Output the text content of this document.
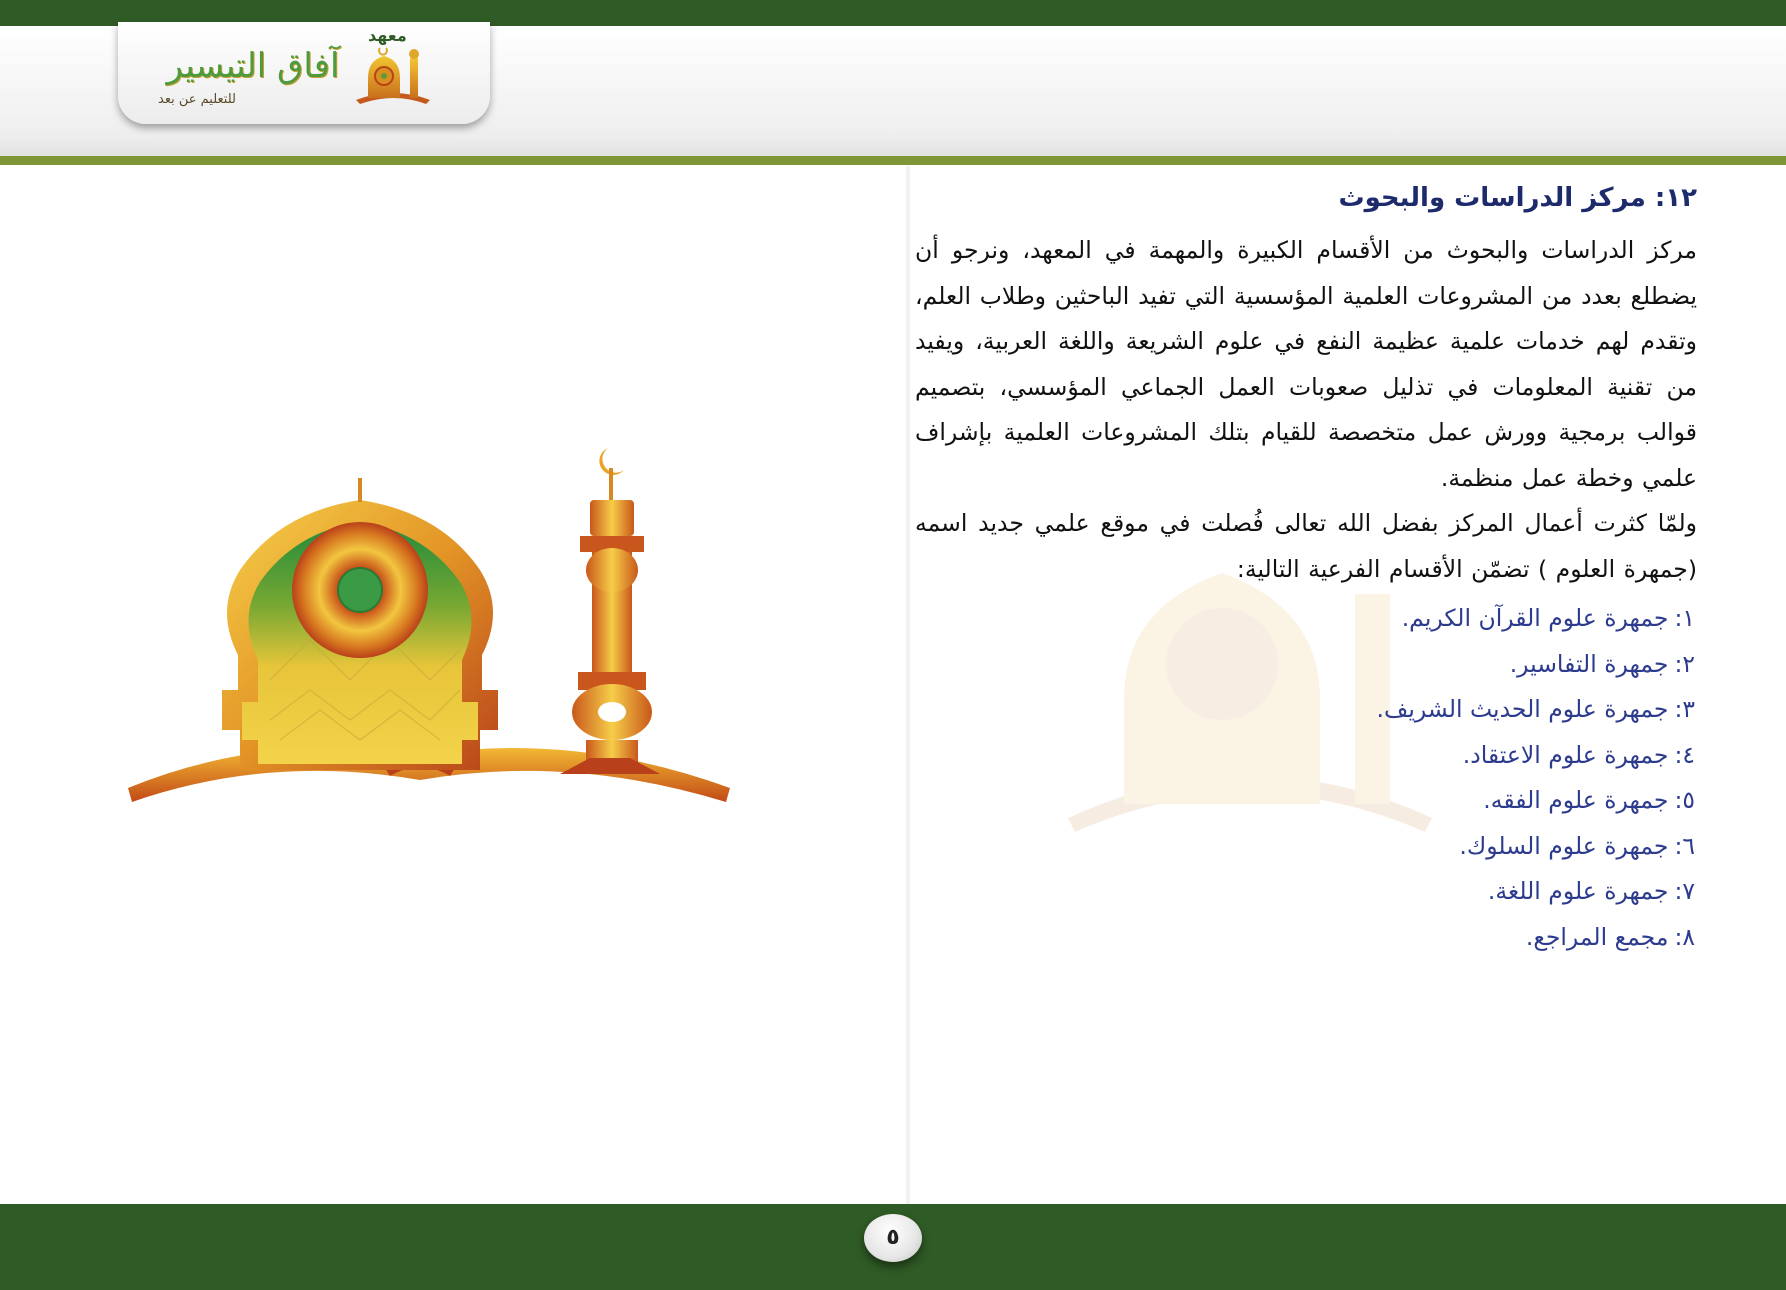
معهد
آفاق التيسير
للتعليم عن بعد
١٢: مركز الدراسات والبحوث

مركز الدراسات والبحوث من الأقسام الكبيرة والمهمة في المعهد، ونرجو أن يضطلع بعدد من المشروعات العلمية المؤسسية التي تفيد الباحثين وطلاب العلم، وتقدم لهم خدمات علمية عظيمة النفع في علوم الشريعة واللغة العربية، ويفيد من تقنية المعلومات في تذليل صعوبات العمل الجماعي المؤسسي، بتصميم قوالب برمجية وورش عمل متخصصة للقيام بتلك المشروعات العلمية بإشراف علمي وخطة عمل منظمة.

ولمّا كثرت أعمال المركز بفضل الله تعالى فُصلت في موقع علمي جديد اسمه (جمهرة العلوم ) تضمّن الأقسام الفرعية التالية:

١:جمهرة علوم القرآن الكريم.
٢:جمهرة التفاسير.
٣:جمهرة علوم الحديث الشريف.
٤:جمهرة علوم الاعتقاد.
٥:جمهرة علوم الفقه.
٦:جمهرة علوم السلوك.
٧:جمهرة علوم اللغة.
٨:مجمع المراجع.
٥
